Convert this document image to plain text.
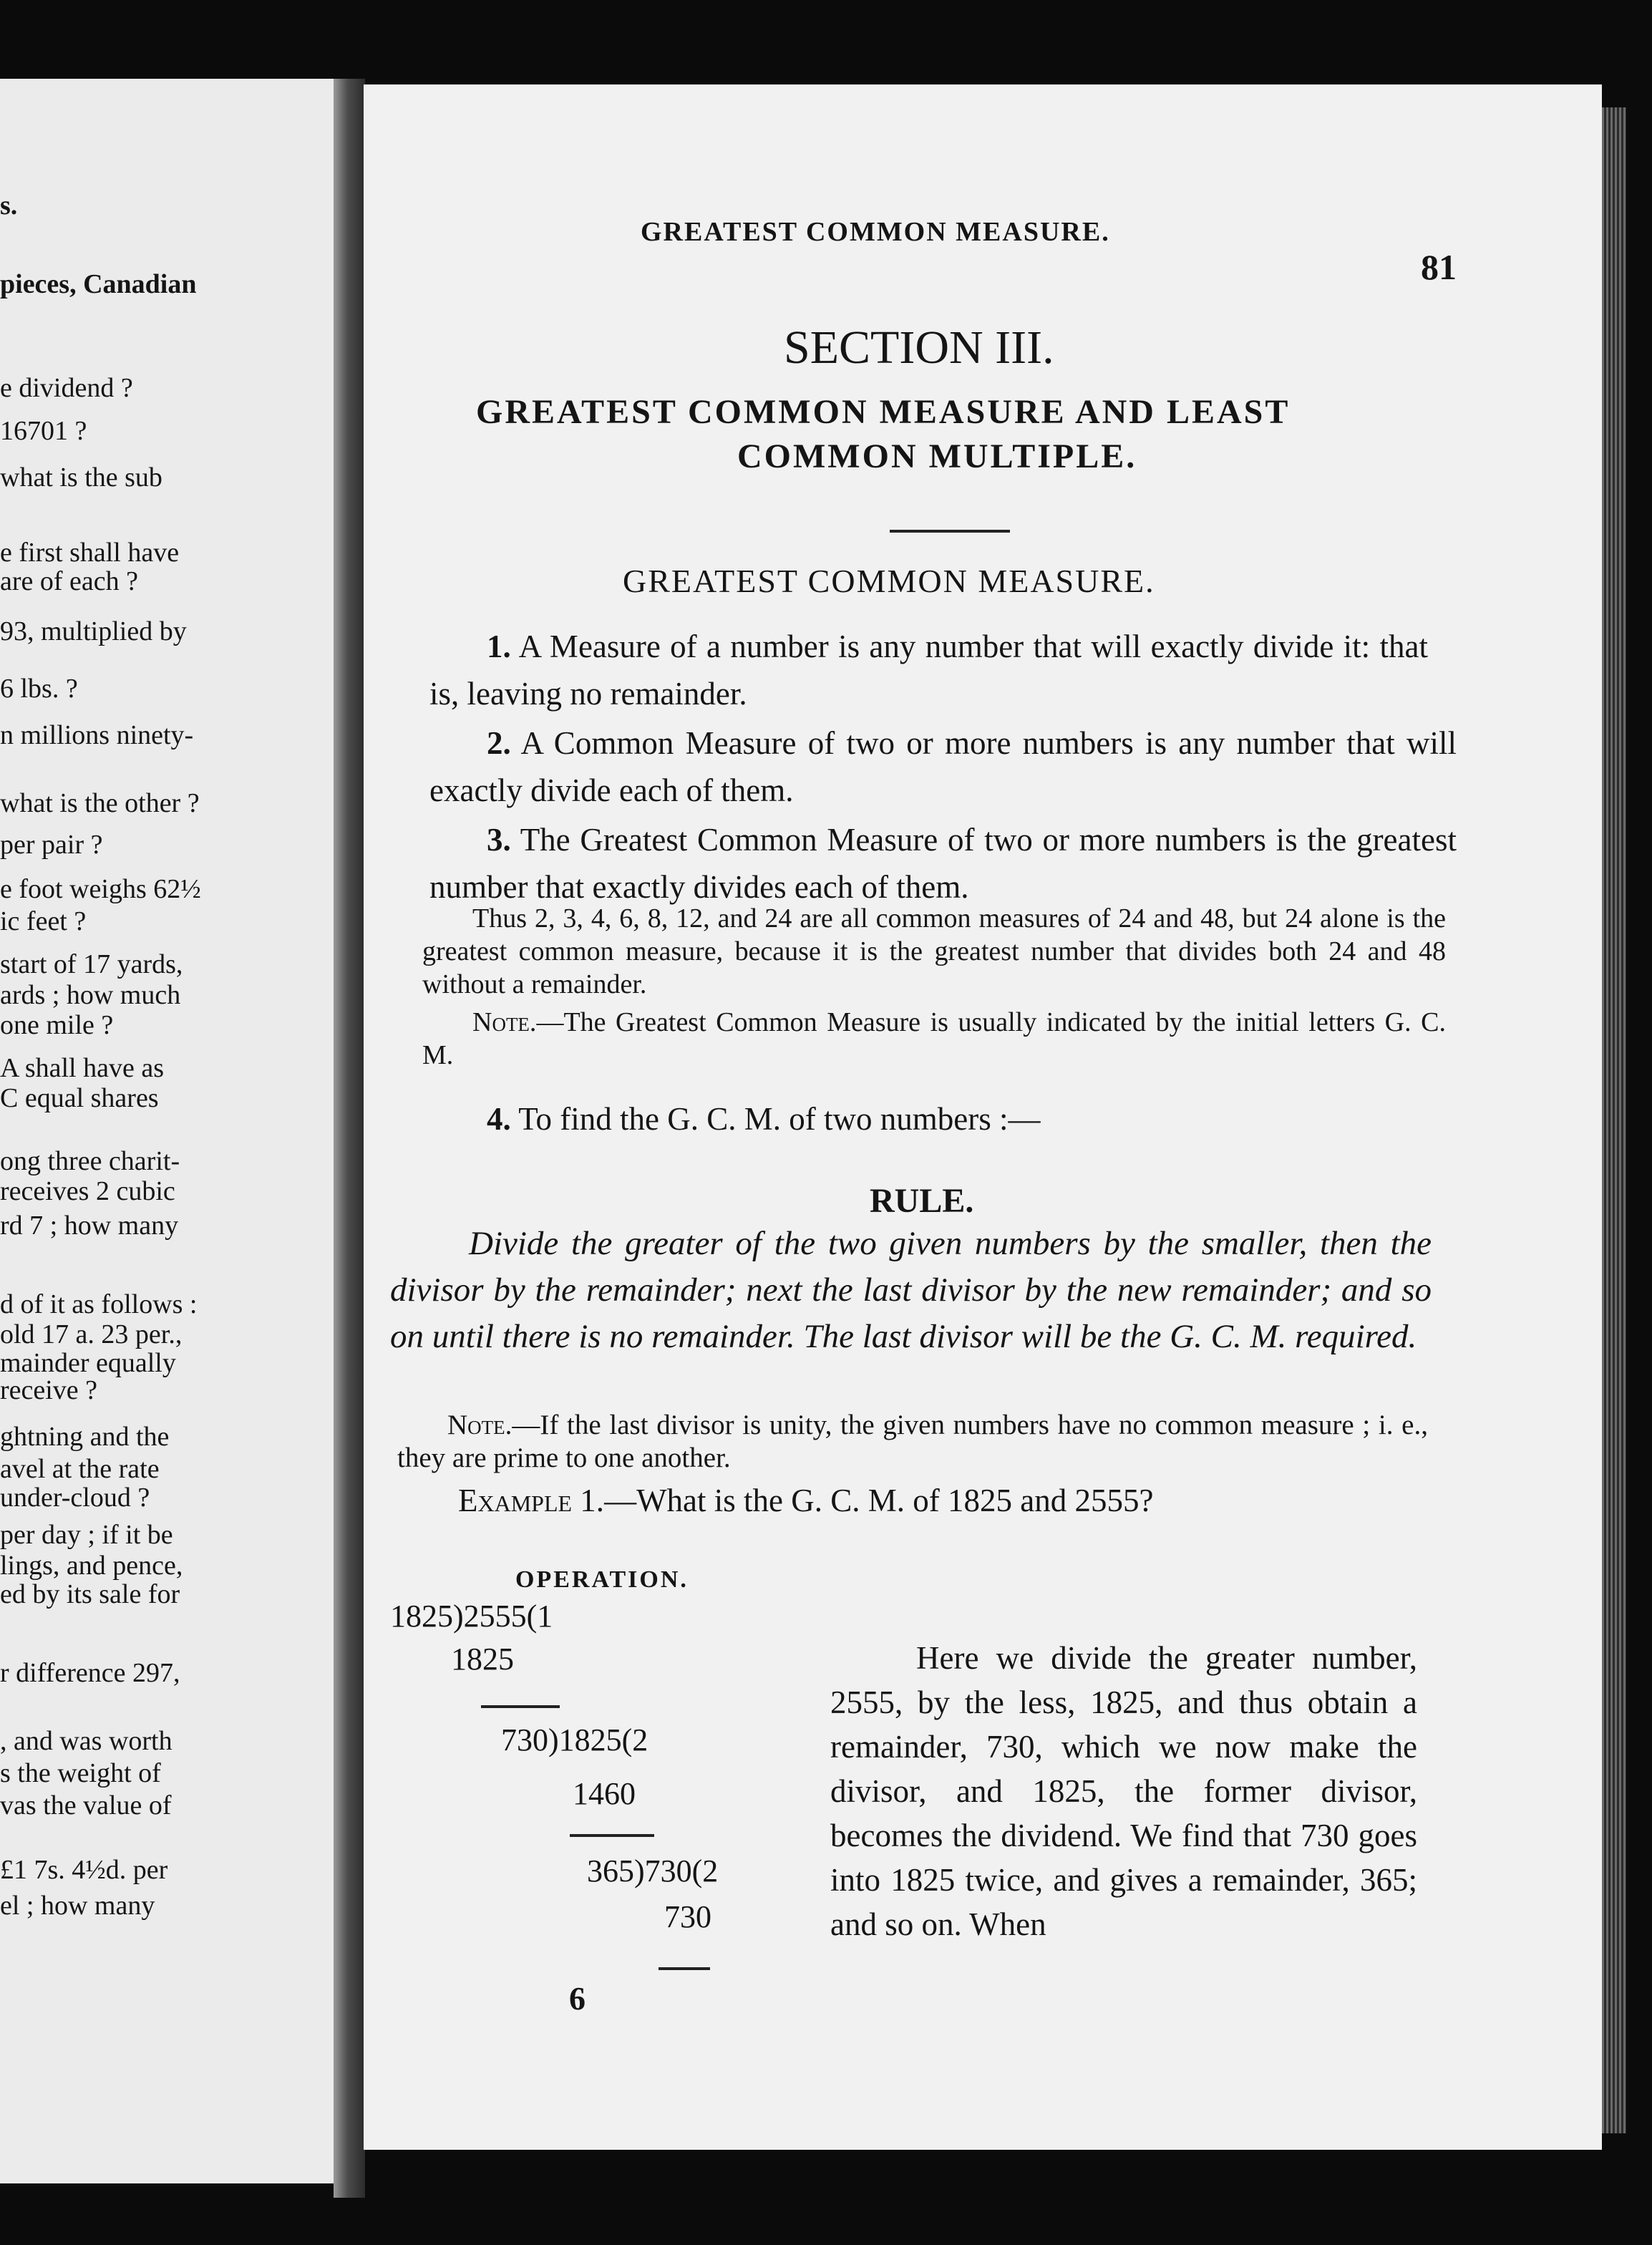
s.
pieces, Canadian
e dividend ?
16701 ?
what is the sub
e first shall have
are of each ?
93, multiplied by
6 lbs. ?
n millions ninety-
what is the other ?
per pair ?
e foot weighs 62½
ic feet ?
start of 17 yards,
ards ; how much
one mile ?
A shall have as
C equal shares
ong three charit-
receives 2 cubic
rd 7 ; how many
d of it as follows :
old 17 a. 23 per.,
mainder equally
receive ?
ghtning and the
avel at the rate
under-cloud ?
per day ; if it be
lings, and pence,
ed by its sale for
r difference 297,
, and was worth
s the weight of
vas the value of
£1 7s. 4½d. per
el ; how many
GREATEST COMMON MEASURE.
81
SECTION III.
GREATEST COMMON MEASURE AND LEAST
COMMON MULTIPLE.
GREATEST COMMON MEASURE.
1. A Measure of a number is any number that will exactly divide it: that is, leaving no remainder.
2. A Common Measure of two or more numbers is any number that will exactly divide each of them.
3. The Greatest Common Measure of two or more numbers is the greatest number that exactly divides each of them.
Thus 2, 3, 4, 6, 8, 12, and 24 are all common measures of 24 and 48, but 24 alone is the greatest common measure, because it is the greatest number that divides both 24 and 48 without a remainder.
Note.—The Greatest Common Measure is usually indicated by the initial letters G. C. M.
4. To find the G. C. M. of two numbers :—
RULE.
Divide the greater of the two given numbers by the smaller, then the divisor by the remainder; next the last divisor by the new remainder; and so on until there is no remainder. The last divisor will be the G. C. M. required.
Note.—If the last divisor is unity, the given numbers have no common measure ; i. e., they are prime to one another.
Example 1.—What is the G. C. M. of 1825 and 2555?
OPERATION.
1825)2555(1
1825
730)1825(2
1460
365)730(2
730
Here we divide the greater number, 2555, by the less, 1825, and thus obtain a remainder, 730, which we now make the divisor, and 1825, the former divisor, becomes the dividend. We find that 730 goes into 1825 twice, and gives a remainder, 365; and so on. When
6
